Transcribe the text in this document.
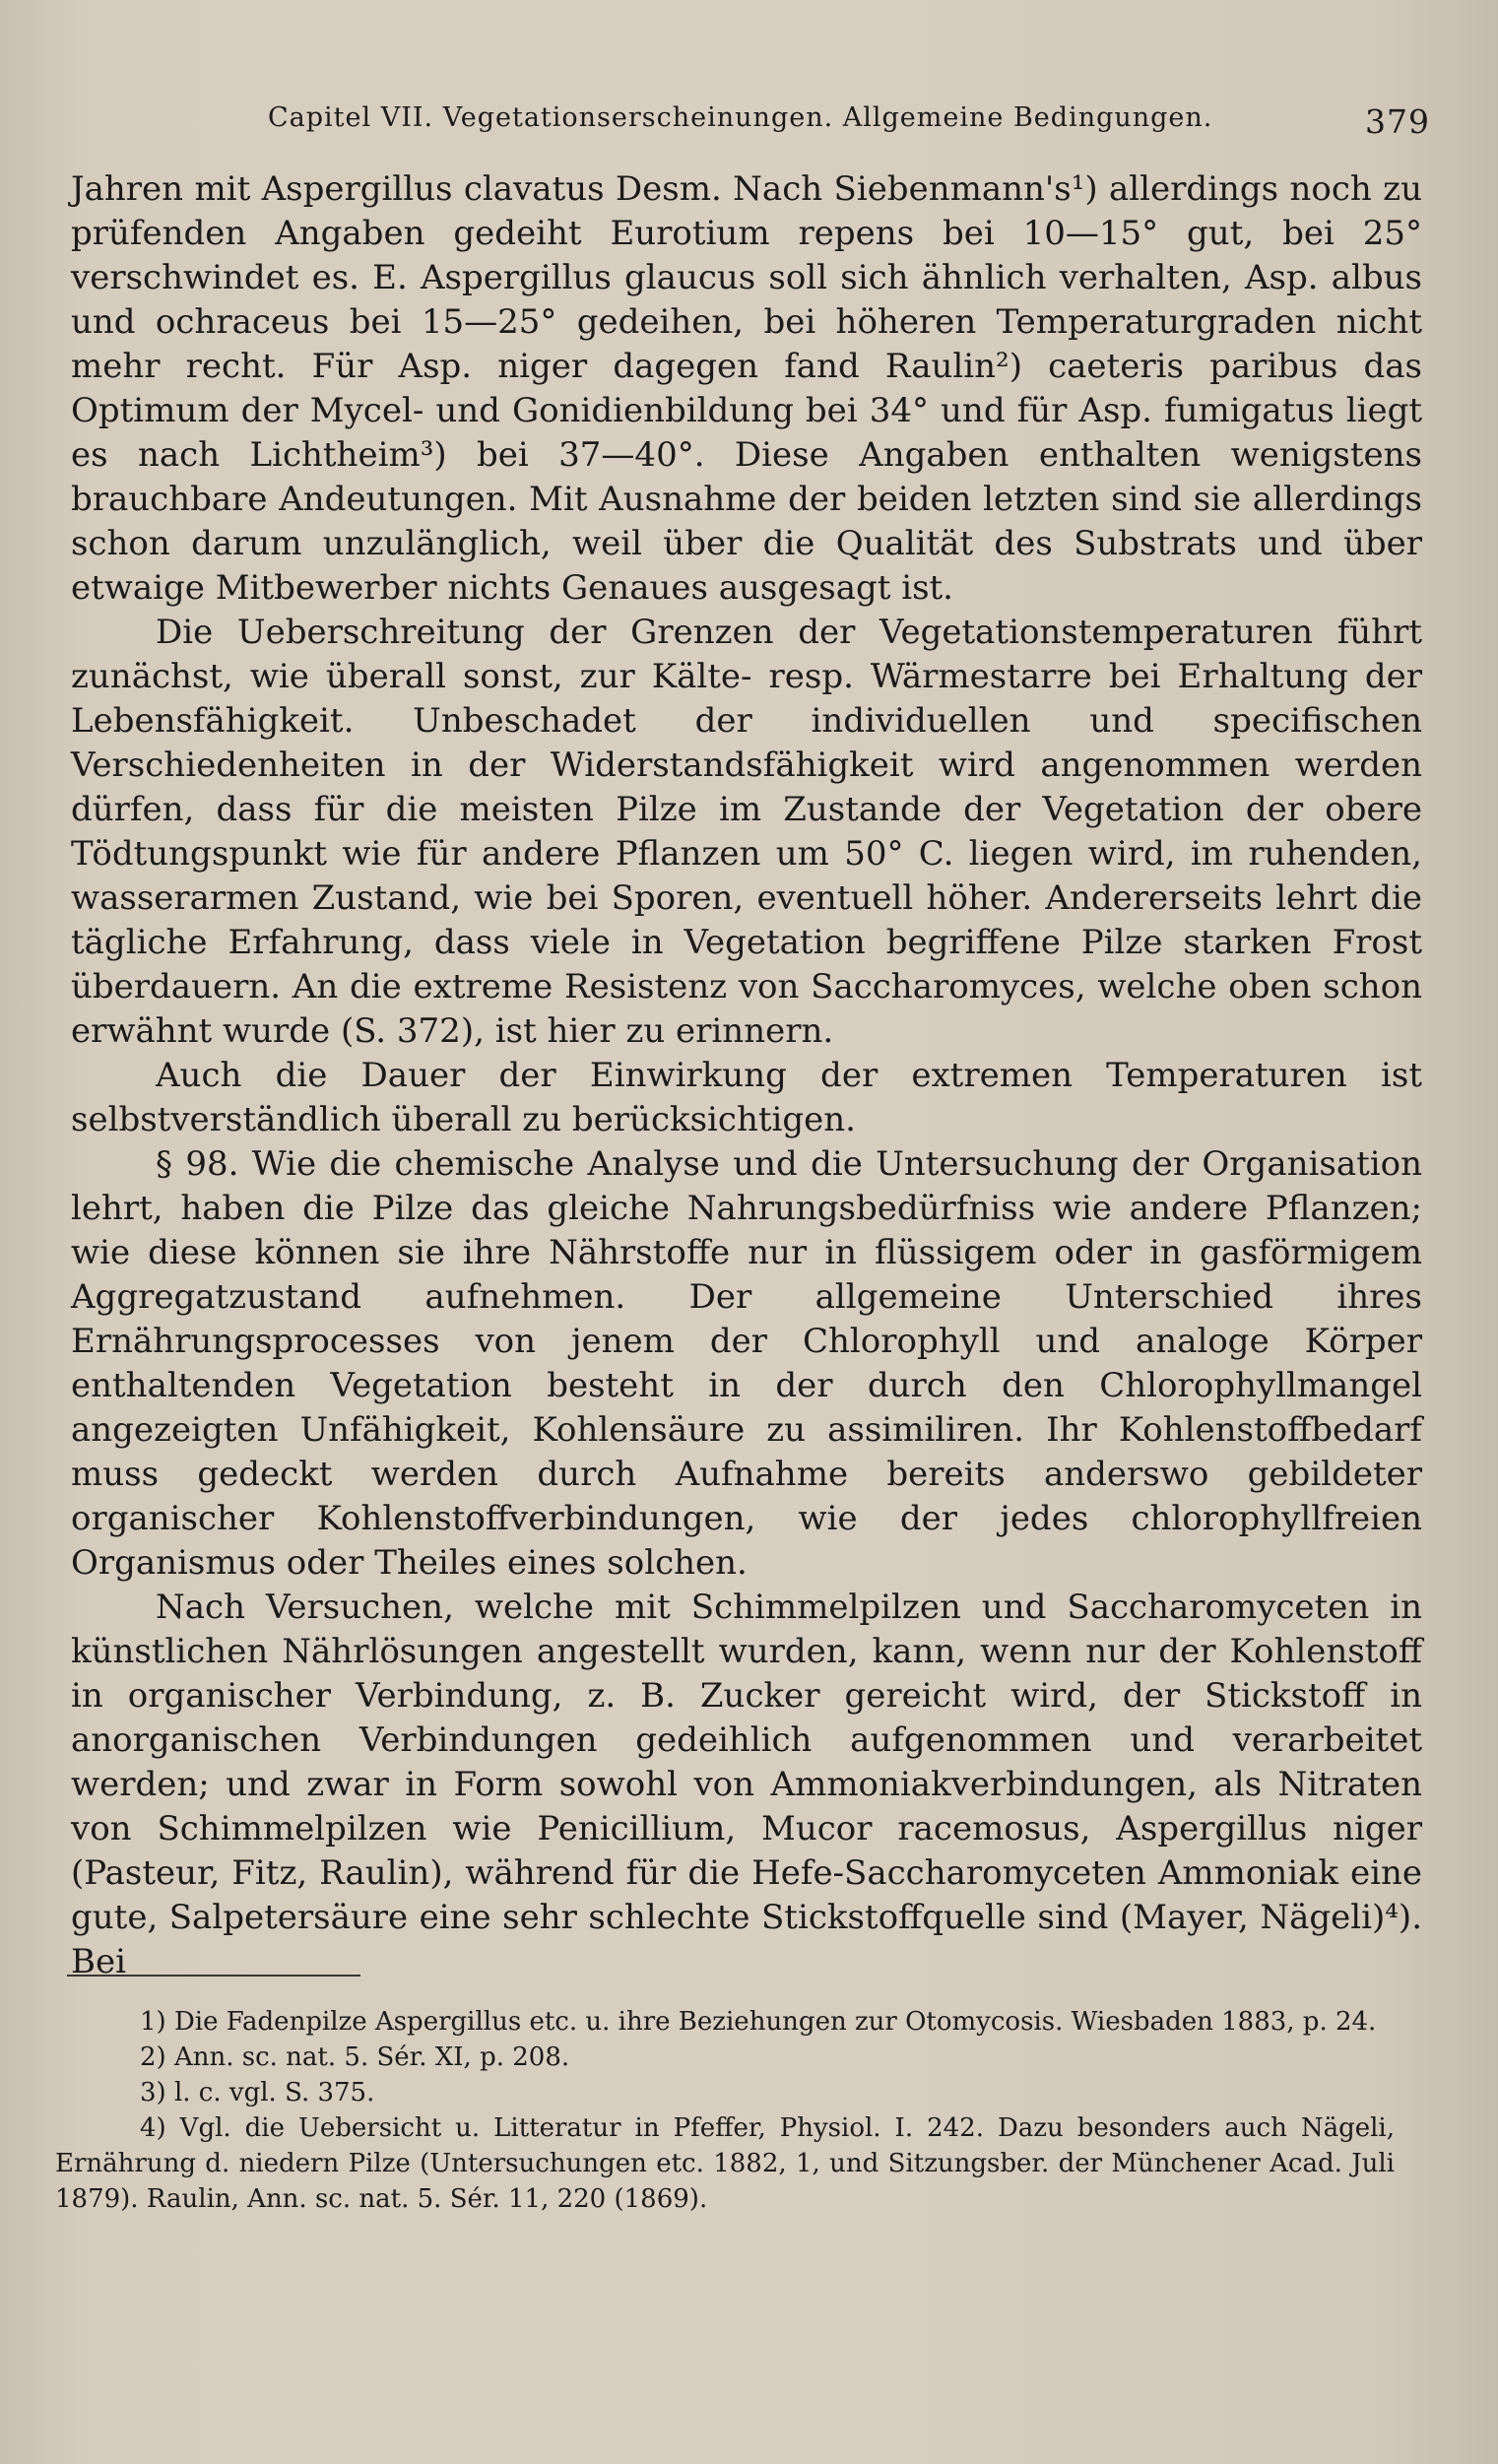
Capitel VII. Vegetationserscheinungen. Allgemeine Bedingungen.	379

Jahren mit Aspergillus clavatus Desm. Nach Siebenmann's¹) allerdings noch zu prüfenden Angaben gedeiht Eurotium repens bei 10—15° gut, bei 25° verschwindet es. E. Aspergillus glaucus soll sich ähnlich verhalten, Asp. albus und ochraceus bei 15—25° gedeihen, bei höheren Temperaturgraden nicht mehr recht. Für Asp. niger dagegen fand Raulin²) caeteris paribus das Optimum der Mycel- und Gonidienbildung bei 34° und für Asp. fumigatus liegt es nach Lichtheim³) bei 37—40°. Diese Angaben enthalten wenigstens brauchbare Andeutungen. Mit Ausnahme der beiden letzten sind sie allerdings schon darum unzulänglich, weil über die Qualität des Substrats und über etwaige Mitbewerber nichts Genaues ausgesagt ist.

Die Ueberschreitung der Grenzen der Vegetationstemperaturen führt zunächst, wie überall sonst, zur Kälte- resp. Wärmestarre bei Erhaltung der Lebensfähigkeit. Unbeschadet der individuellen und specifischen Verschiedenheiten in der Widerstandsfähigkeit wird angenommen werden dürfen, dass für die meisten Pilze im Zustande der Vegetation der obere Tödtungspunkt wie für andere Pflanzen um 50° C. liegen wird, im ruhenden, wasserarmen Zustand, wie bei Sporen, eventuell höher. Andererseits lehrt die tägliche Erfahrung, dass viele in Vegetation begriffene Pilze starken Frost überdauern. An die extreme Resistenz von Saccharomyces, welche oben schon erwähnt wurde (S. 372), ist hier zu erinnern.

Auch die Dauer der Einwirkung der extremen Temperaturen ist selbstverständlich überall zu berücksichtigen.

§ 98. Wie die chemische Analyse und die Untersuchung der Organisation lehrt, haben die Pilze das gleiche Nahrungsbedürfniss wie andere Pflanzen; wie diese können sie ihre Nährstoffe nur in flüssigem oder in gasförmigem Aggregatzustand aufnehmen. Der allgemeine Unterschied ihres Ernährungsprocesses von jenem der Chlorophyll und analoge Körper enthaltenden Vegetation besteht in der durch den Chlorophyllmangel angezeigten Unfähigkeit, Kohlensäure zu assimiliren. Ihr Kohlenstoffbedarf muss gedeckt werden durch Aufnahme bereits anderswo gebildeter organischer Kohlenstoffverbindungen, wie der jedes chlorophyllfreien Organismus oder Theiles eines solchen.

Nach Versuchen, welche mit Schimmelpilzen und Saccharomyceten in künstlichen Nährlösungen angestellt wurden, kann, wenn nur der Kohlenstoff in organischer Verbindung, z. B. Zucker gereicht wird, der Stickstoff in anorganischen Verbindungen gedeihlich aufgenommen und verarbeitet werden; und zwar in Form sowohl von Ammoniakverbindungen, als Nitraten von Schimmelpilzen wie Penicillium, Mucor racemosus, Aspergillus niger (Pasteur, Fitz, Raulin), während für die Hefe-Saccharomyceten Ammoniak eine gute, Salpetersäure eine sehr schlechte Stickstoffquelle sind (Mayer, Nägeli)⁴). Bei

1) Die Fadenpilze Aspergillus etc. u. ihre Beziehungen zur Otomycosis. Wiesbaden 1883, p. 24.

2) Ann. sc. nat. 5. Sér. XI, p. 208.

3) l. c. vgl. S. 375.

4) Vgl. die Uebersicht u. Litteratur in Pfeffer, Physiol. I. 242. Dazu besonders auch Nägeli, Ernährung d. niedern Pilze (Untersuchungen etc. 1882, 1, und Sitzungsber. der Münchener Acad. Juli 1879). Raulin, Ann. sc. nat. 5. Sér. 11, 220 (1869).
